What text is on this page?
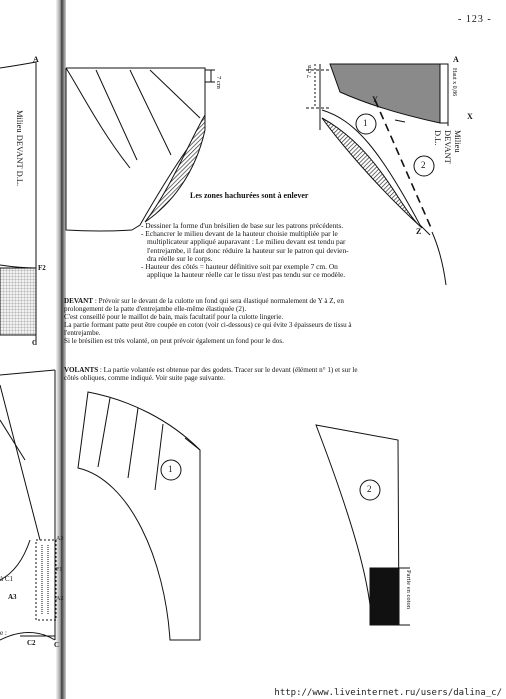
- 123 -
A	A
Milieu DEVANT D.L.	Milieu DEVANT D.L.
F2
C
7 cm
7 cm	Haut x 0,86
X
Y
Z
1
2
1
2
A3
F1
A2
à C1
A3
e :
C2	C
Partie en coton
Les zones hachurées sont à enlever
- Dessiner la forme d'un brésilien de base sur les patrons précédents.
- Echancrer le milieu devant de la hauteur choisie multipliée par le
multiplicateur appliqué auparavant : Le milieu devant est tendu par
l'entrejambe, il faut donc réduire la hauteur sur le patron qui devien-
dra réelle sur le corps.
- Hauteur des côtés = hauteur définitive soit par exemple 7 cm. On
applique la hauteur réelle car le tissu n'est pas tendu sur ce modèle.
DEVANT : Prévoir sur le devant de la culotte un fond qui sera élastiqué normalement de Y à Z, en
prolongement de la patte d'entrejambe elle-même élastiquée (2).
C'est conseillé pour le maillot de bain, mais facultatif pour la culotte lingerie.
La partie formant patte peut être coupée en coton (voir ci-dessous) ce qui évite 3 épaisseurs de tissu à
l'entrejambe.
Si le brésilien est très volanté, on peut prévoir également un fond pour le dos.
VOLANTS : La partie volantée est obtenue par des godets. Tracer sur le devant (élément n° 1) et sur le
côtés obliques, comme indiqué. Voir suite page suivante.
http://www.liveinternet.ru/users/dalina_c/
